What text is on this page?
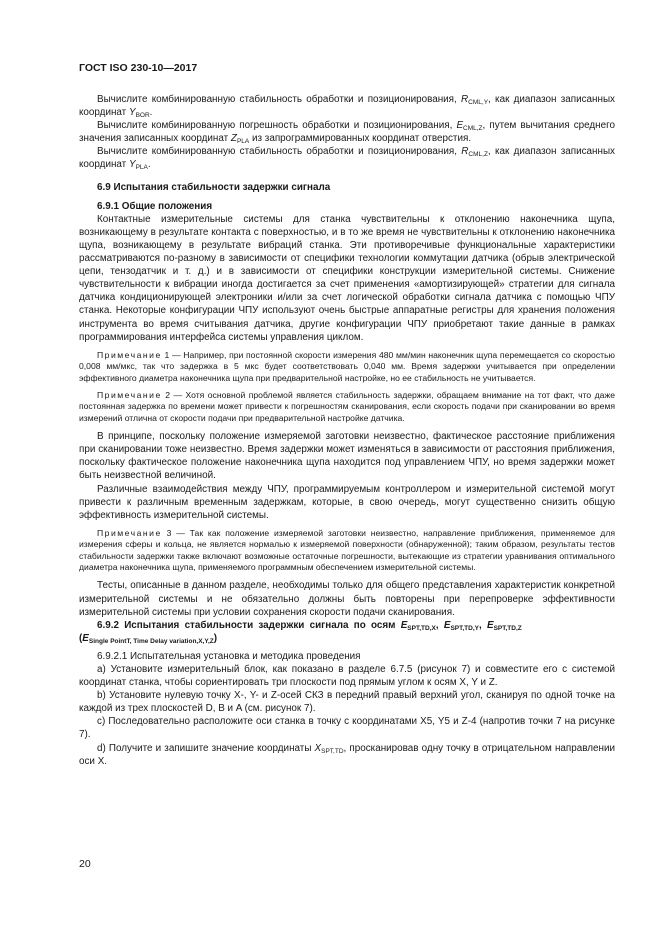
ГОСТ ISO 230-10—2017

Вычислите комбинированную стабильность обработки и позиционирования, $R_{CML,Y}$, как диапазон записанных координат $Y_{BOR}$.

Вычислите комбинированную погрешность обработки и позиционирования, $E_{CML,Z}$, путем вычитания среднего значения записанных координат $Z_{PLA}$ из запрограммированных координат отверстия.

Вычислите комбинированную стабильность обработки и позиционирования, $R_{CML,Z}$, как диапазон записанных координат $Y_{PLA}$.

6.9 Испытания стабильности задержки сигнала

6.9.1 Общие положения

Контактные измерительные системы для станка чувствительны к отклонению наконечника щупа, возникающему в результате контакта с поверхностью, и в то же время не чувствительны к отклонению наконечника щупа, возникающему в результате вибраций станка. Эти противоречивые функциональные характеристики рассматриваются по-разному в зависимости от специфики технологии коммутации датчика (обрыв электрической цепи, тензодатчик и т. д.) и в зависимости от специфики конструкции измерительной системы. Снижение чувствительности к вибрации иногда достигается за счет применения «амортизирующей» стратегии для сигнала датчика кондиционирующей электроники и/или за счет логической обработки сигнала датчика с помощью ЧПУ станка. Некоторые конфигурации ЧПУ используют очень быстрые аппаратные регистры для хранения положения инструмента во время считывания датчика, другие конфигурации ЧПУ приобретают такие данные в рамках программирования интерфейса системы управления циклом.

Примечание 1 — Например, при постоянной скорости измерения 480 мм/мин наконечник щупа перемещается со скоростью 0,008 мм/мкс, так что задержка в 5 мкс будет соответствовать 0,040 мм. Время задержки учитывается при определении эффективного диаметра наконечника щупа при предварительной настройке, но ее стабильность не учитывается.

Примечание 2 — Хотя основной проблемой является стабильность задержки, обращаем внимание на тот факт, что даже постоянная задержка по времени может привести к погрешностям сканирования, если скорость подачи при сканировании во время измерений отлична от скорости подачи при предварительной настройке датчика.

В принципе, поскольку положение измеряемой заготовки неизвестно, фактическое расстояние приближения при сканировании тоже неизвестно. Время задержки может изменяться в зависимости от расстояния приближения, поскольку фактическое положение наконечника щупа находится под управлением ЧПУ, но время задержки может быть неизвестной величиной.

Различные взаимодействия между ЧПУ, программируемым контроллером и измерительной системой могут привести к различным временным задержкам, которые, в свою очередь, могут существенно снизить общую эффективность измерительной системы.

Примечание 3 — Так как положение измеряемой заготовки неизвестно, направление приближения, применяемое для измерения сферы и кольца, не является нормалью к измеряемой поверхности (обнаруженной); таким образом, результаты тестов стабильности задержки также включают возможные остаточные погрешности, вытекающие из стратегии уравнивания оптимального диаметра наконечника щупа, применяемого программным обеспечением измерительной системы.

Тесты, описанные в данном разделе, необходимы только для общего представления характеристик конкретной измерительной системы и не обязательно должны быть повторены при перепроверке эффективности измерительной системы при условии сохранения скорости подачи сканирования.

6.9.2 Испытания стабильности задержки сигнала по осям $E_{SPT,TD,X}$, $E_{SPT,TD,Y}$, $E_{SPT,TD,Z}$
$(E_{Single PointT, Time Delay variation,X,Y,Z})$

6.9.2.1 Испытательная установка и методика проведения

a) Установите измерительный блок, как показано в разделе 6.7.5 (рисунок 7) и совместите его с системой координат станка, чтобы сориентировать три плоскости под прямым углом к осям X, Y и Z.

b) Установите нулевую точку X-, Y- и Z-осей СКЗ в передний правый верхний угол, сканируя по одной точке на каждой из трех плоскостей D, B и A (см. рисунок 7).

c) Последовательно расположите оси станка в точку с координатами X5, Y5 и Z-4 (напротив точки 7 на рисунке 7).

d) Получите и запишите значение координаты $X_{SPT,TD}$, просканировав одну точку в отрицательном направлении оси X.

20
